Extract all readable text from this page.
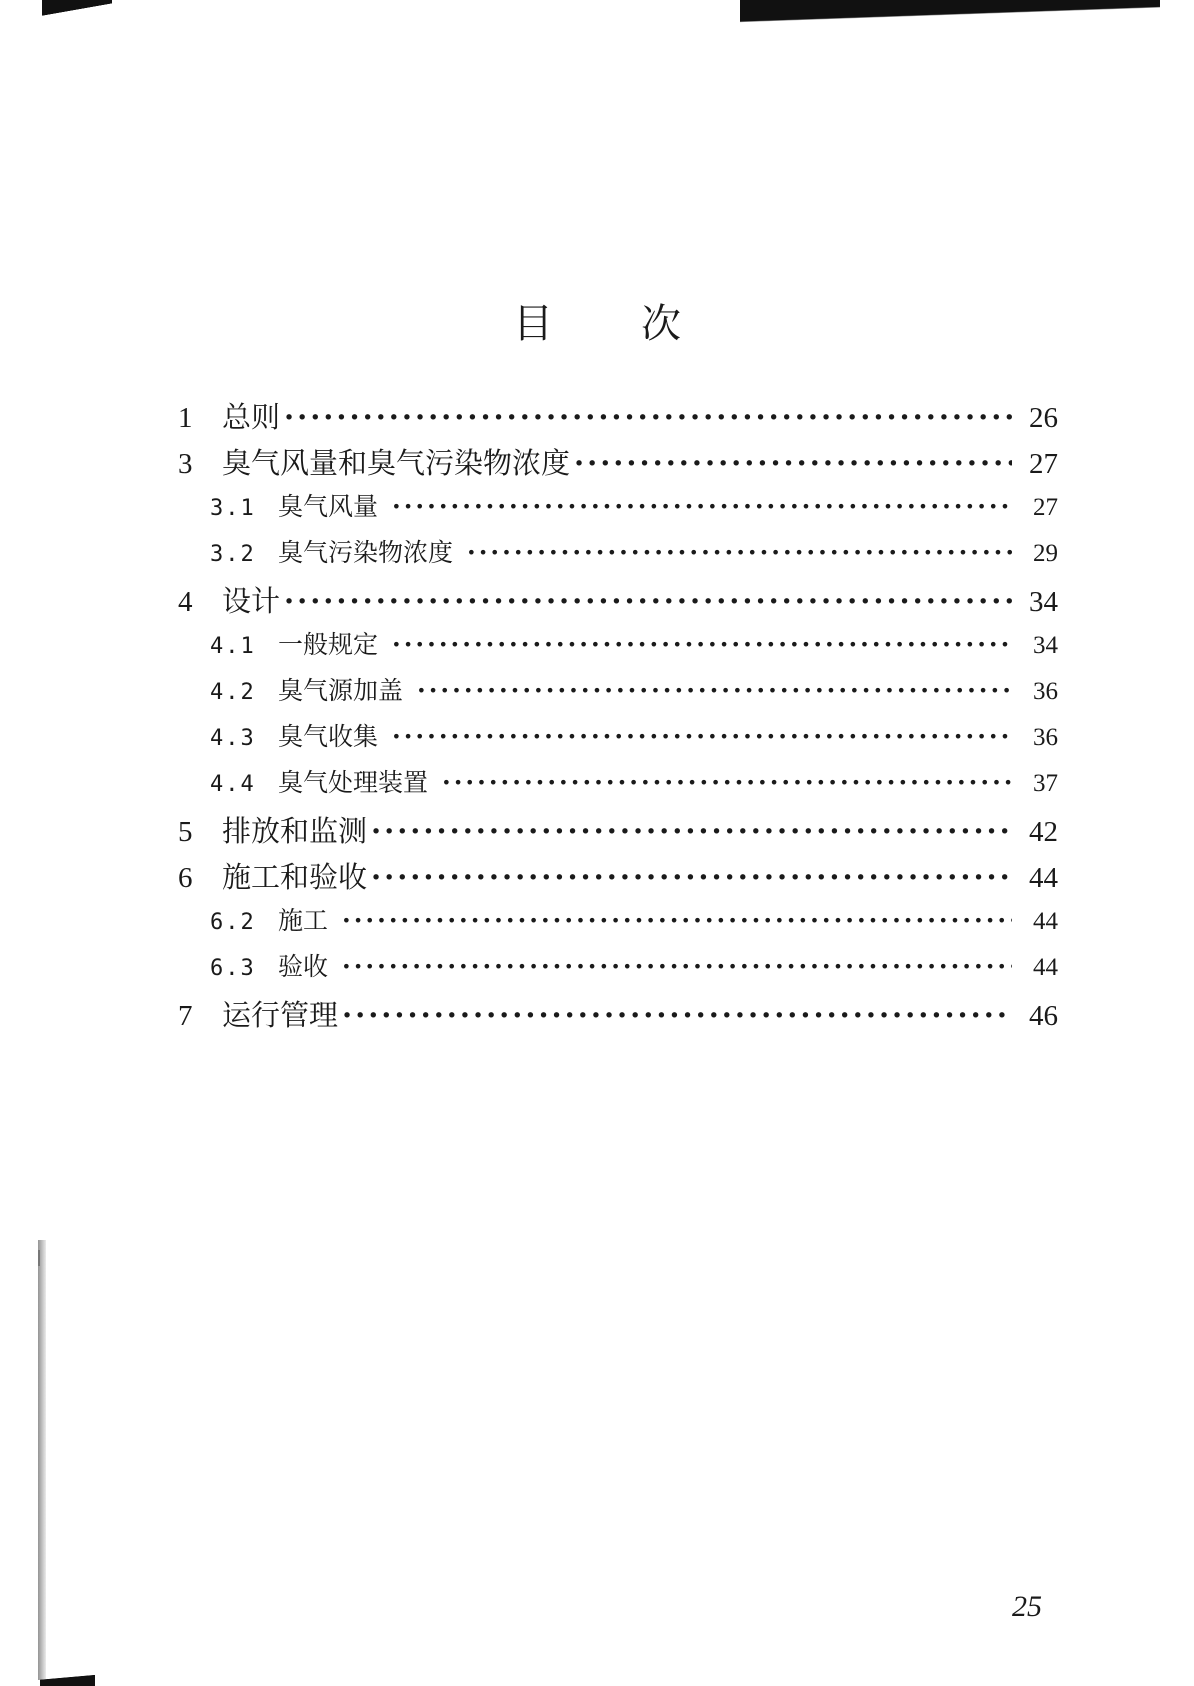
目 次
1	总则 ·····	26
3	臭气风量和臭气污染物浓度 ·····	27
3.1 臭气风量 ·····	27
3.2 臭气污染物浓度 ·····	29
4	设计 ·····	34
4.1 一般规定 ·····	34
4.2 臭气源加盖 ·····	36
4.3 臭气收集 ·····	36
4.4 臭气处理装置 ·····	37
5	排放和监测 ·····	42
6	施工和验收 ·····	44
6.2 施工 ·····	44
6.3 验收 ·····	44
7	运行管理 ·····	46
25
